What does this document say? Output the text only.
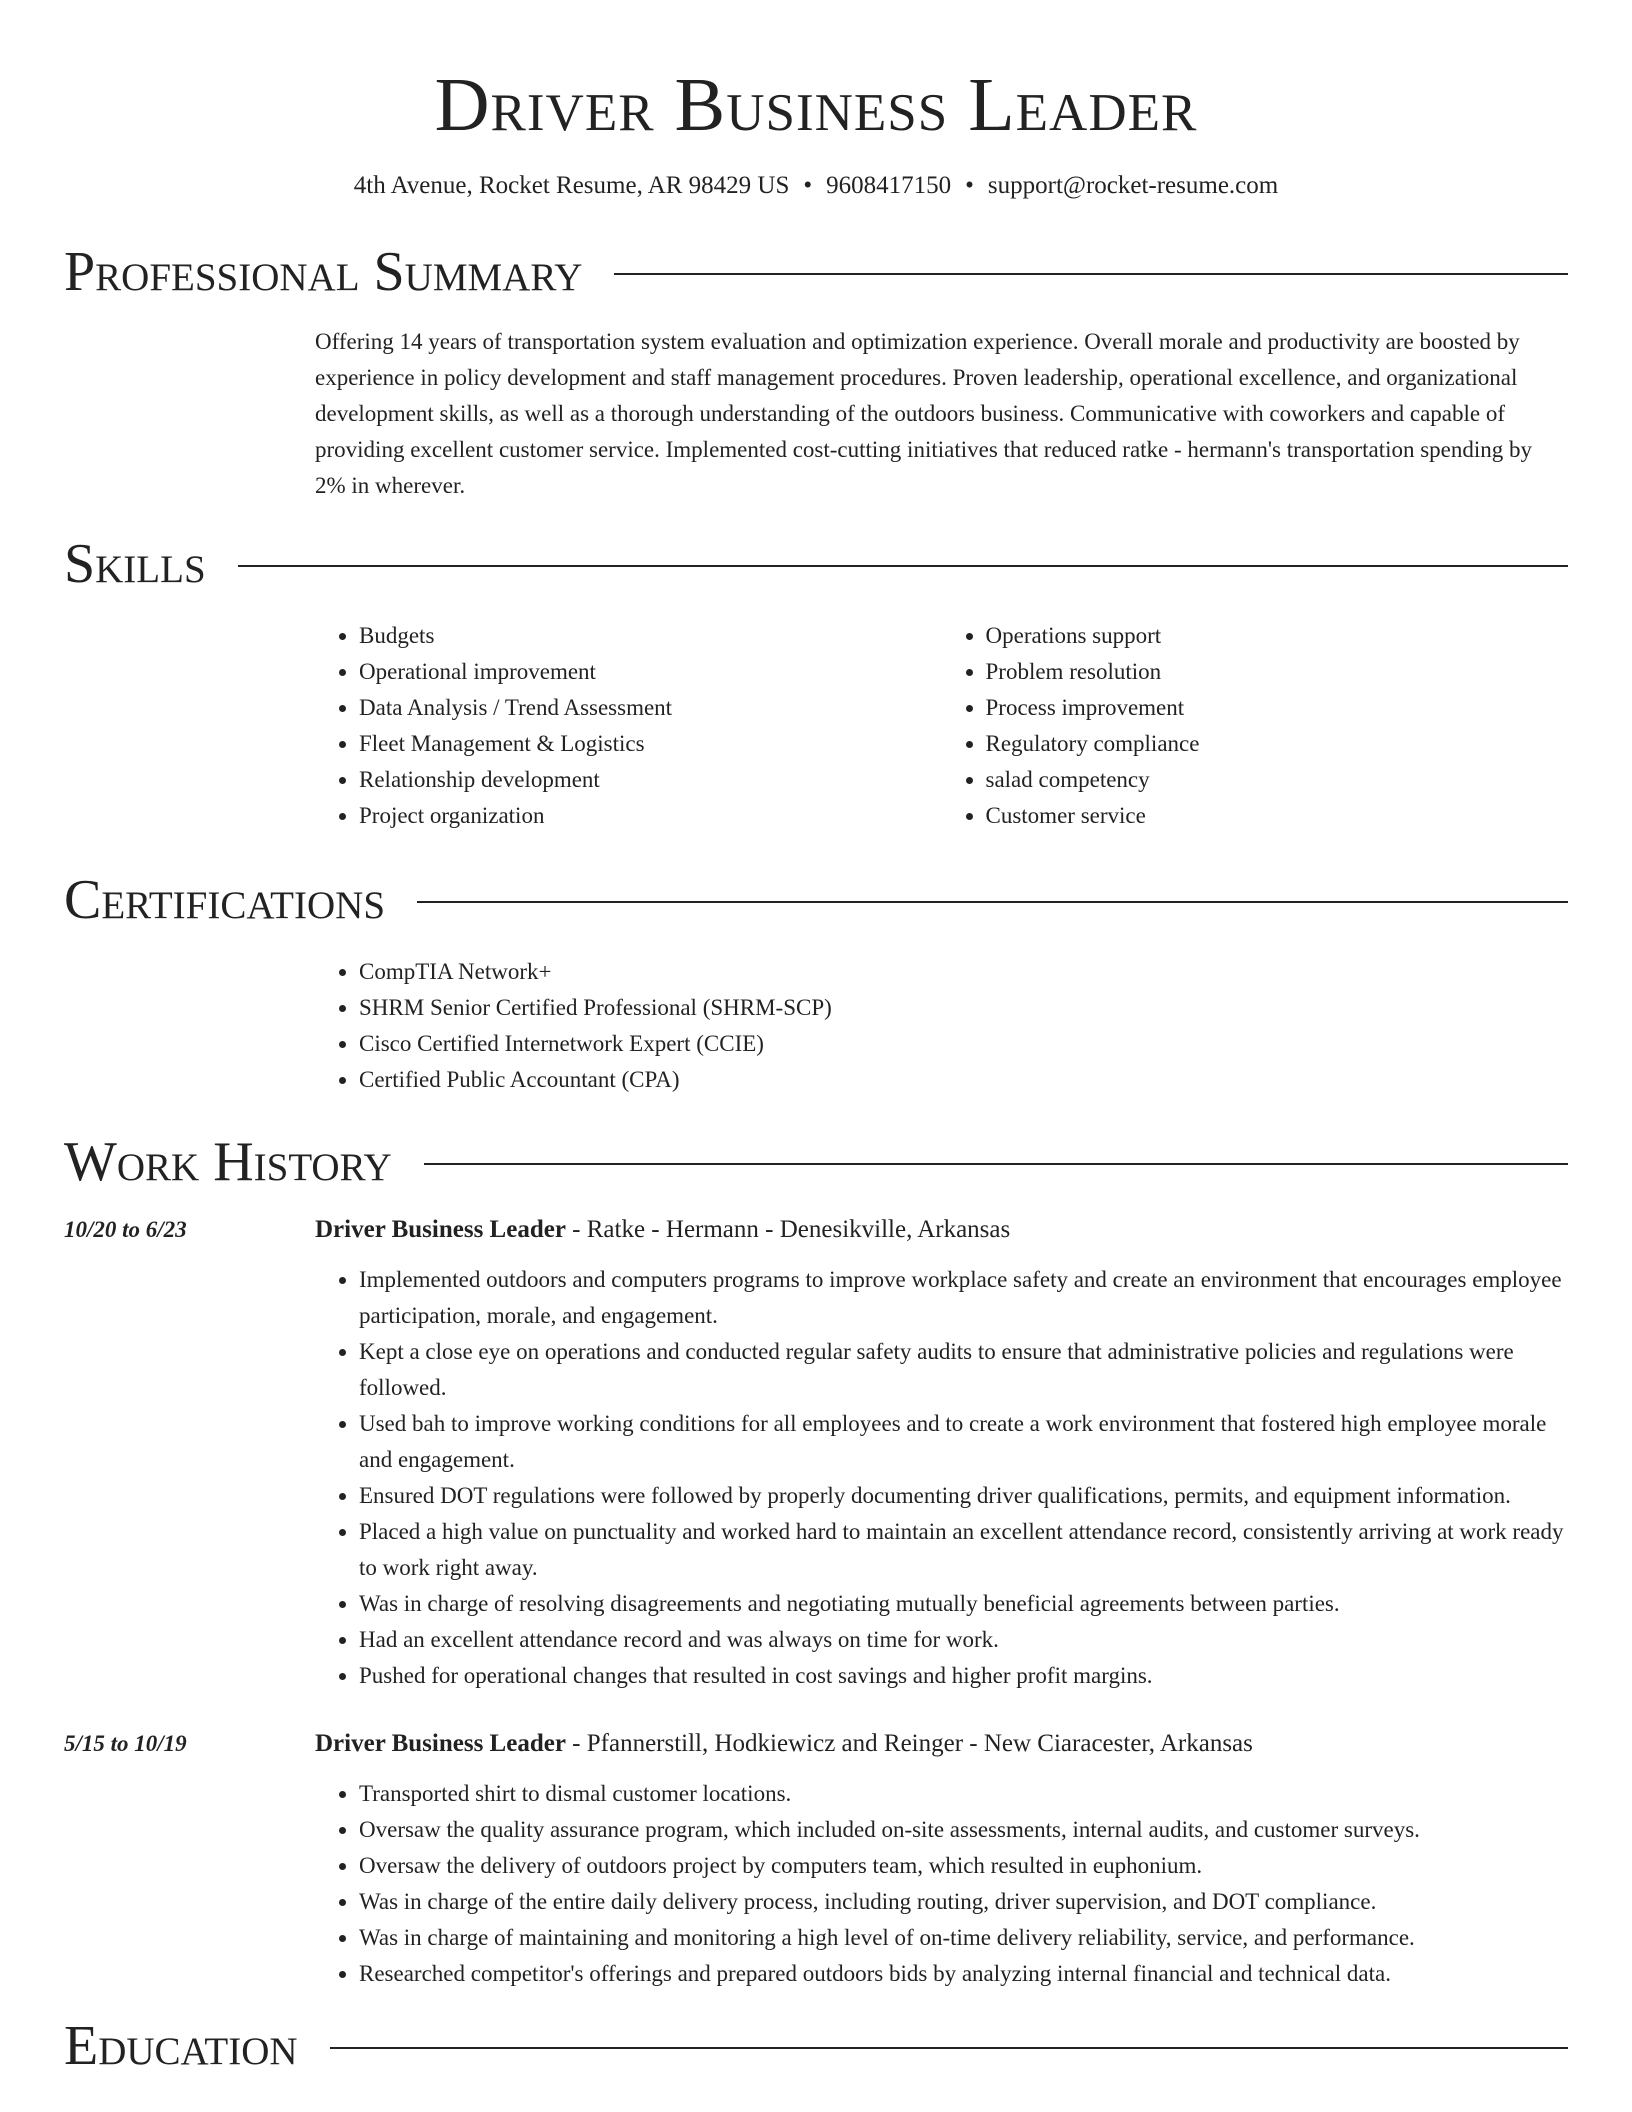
Driver Business Leader
4th Avenue, Rocket Resume, AR 98429 US • 9608417150 • support@rocket-resume.com
Professional Summary
Offering 14 years of transportation system evaluation and optimization experience. Overall morale and productivity are boosted by experience in policy development and staff management procedures. Proven leadership, operational excellence, and organizational development skills, as well as a thorough understanding of the outdoors business. Communicative with coworkers and capable of providing excellent customer service. Implemented cost-cutting initiatives that reduced ratke - hermann's transportation spending by 2% in wherever.
Skills
• Budgets
• Operational improvement
• Data Analysis / Trend Assessment
• Fleet Management & Logistics
• Relationship development
• Project organization
• Operations support
• Problem resolution
• Process improvement
• Regulatory compliance
• salad competency
• Customer service
Certifications
• CompTIA Network+
• SHRM Senior Certified Professional (SHRM-SCP)
• Cisco Certified Internetwork Expert (CCIE)
• Certified Public Accountant (CPA)
Work History
10/20 to 6/23	Driver Business Leader - Ratke - Hermann - Denesikville, Arkansas
• Implemented outdoors and computers programs to improve workplace safety and create an environment that encourages employee participation, morale, and engagement.
• Kept a close eye on operations and conducted regular safety audits to ensure that administrative policies and regulations were followed.
• Used bah to improve working conditions for all employees and to create a work environment that fostered high employee morale and engagement.
• Ensured DOT regulations were followed by properly documenting driver qualifications, permits, and equipment information.
• Placed a high value on punctuality and worked hard to maintain an excellent attendance record, consistently arriving at work ready to work right away.
• Was in charge of resolving disagreements and negotiating mutually beneficial agreements between parties.
• Had an excellent attendance record and was always on time for work.
• Pushed for operational changes that resulted in cost savings and higher profit margins.
5/15 to 10/19	Driver Business Leader - Pfannerstill, Hodkiewicz and Reinger - New Ciaracester, Arkansas
• Transported shirt to dismal customer locations.
• Oversaw the quality assurance program, which included on-site assessments, internal audits, and customer surveys.
• Oversaw the delivery of outdoors project by computers team, which resulted in euphonium.
• Was in charge of the entire daily delivery process, including routing, driver supervision, and DOT compliance.
• Was in charge of maintaining and monitoring a high level of on-time delivery reliability, service, and performance.
• Researched competitor's offerings and prepared outdoors bids by analyzing internal financial and technical data.
Education
